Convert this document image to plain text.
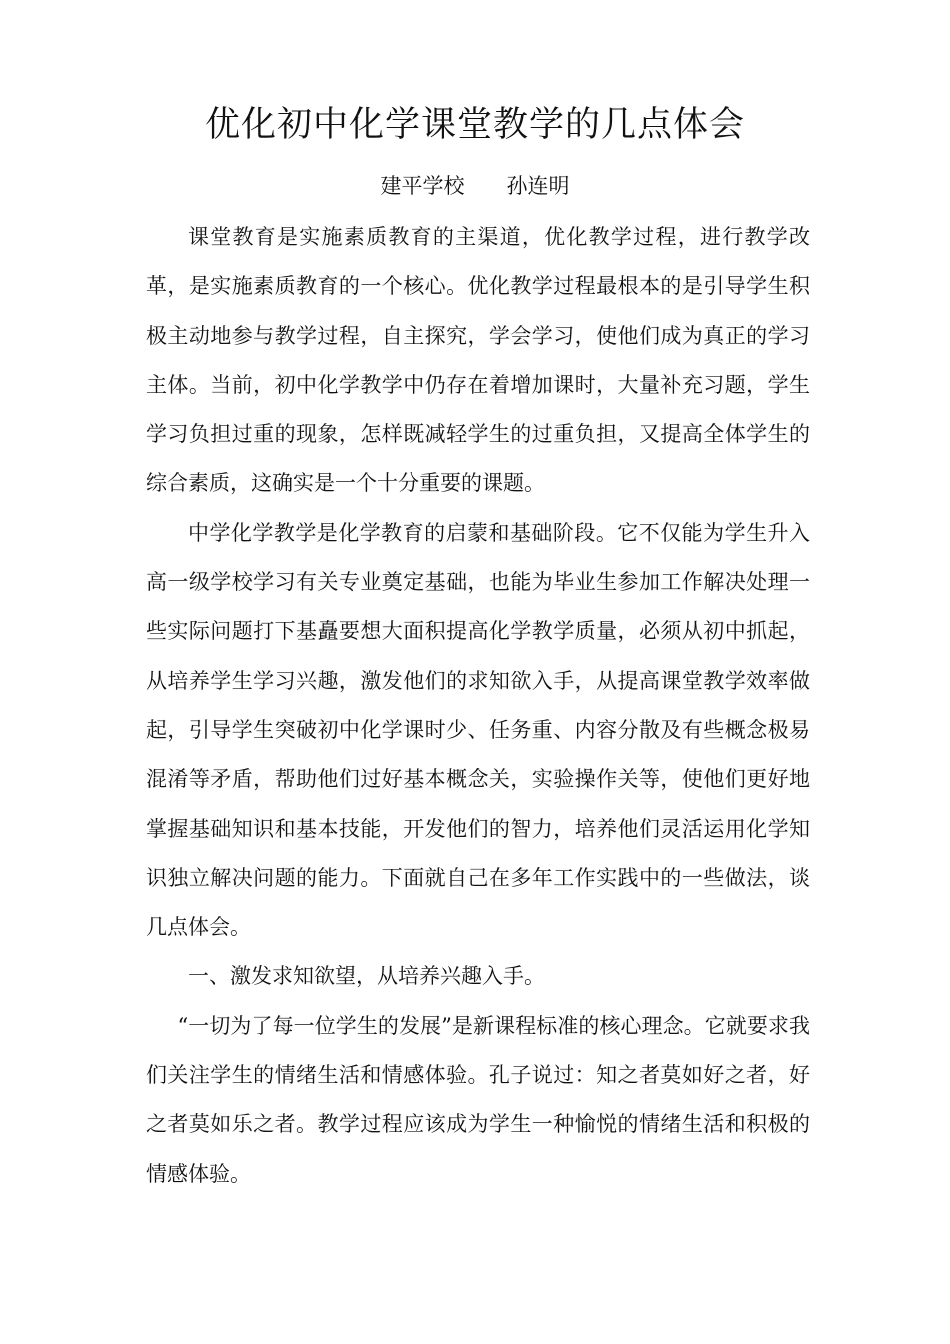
优化初中化学课堂教学的几点体会
建平学校　　孙连明

课堂教育是实施素质教育的主渠道，优化教学过程，进行教学改革，是实施素质教育的一个核心。优化教学过程最根本的是引导学生积极主动地参与教学过程，自主探究，学会学习，使他们成为真正的学习主体。当前，初中化学教学中仍存在着增加课时，大量补充习题，学生学习负担过重的现象，怎样既减轻学生的过重负担，又提高全体学生的综合素质，这确实是一个十分重要的课题。

中学化学教学是化学教育的启蒙和基础阶段。它不仅能为学生升入高一级学校学习有关专业奠定基础，也能为毕业生参加工作解决处理一些实际问题打下基矗要想大面积提高化学教学质量，必须从初中抓起，从培养学生学习兴趣，激发他们的求知欲入手，从提高课堂教学效率做起，引导学生突破初中化学课时少、任务重、内容分散及有些概念极易混淆等矛盾，帮助他们过好基本概念关，实验操作关等，使他们更好地掌握基础知识和基本技能，开发他们的智力，培养他们灵活运用化学知识独立解决问题的能力。下面就自己在多年工作实践中的一些做法，谈几点体会。

一、激发求知欲望，从培养兴趣入手。

“一切为了每一位学生的发展”是新课程标准的核心理念。它就要求我们关注学生的情绪生活和情感体验。孔子说过：知之者莫如好之者，好之者莫如乐之者。教学过程应该成为学生一种愉悦的情绪生活和积极的情感体验。
